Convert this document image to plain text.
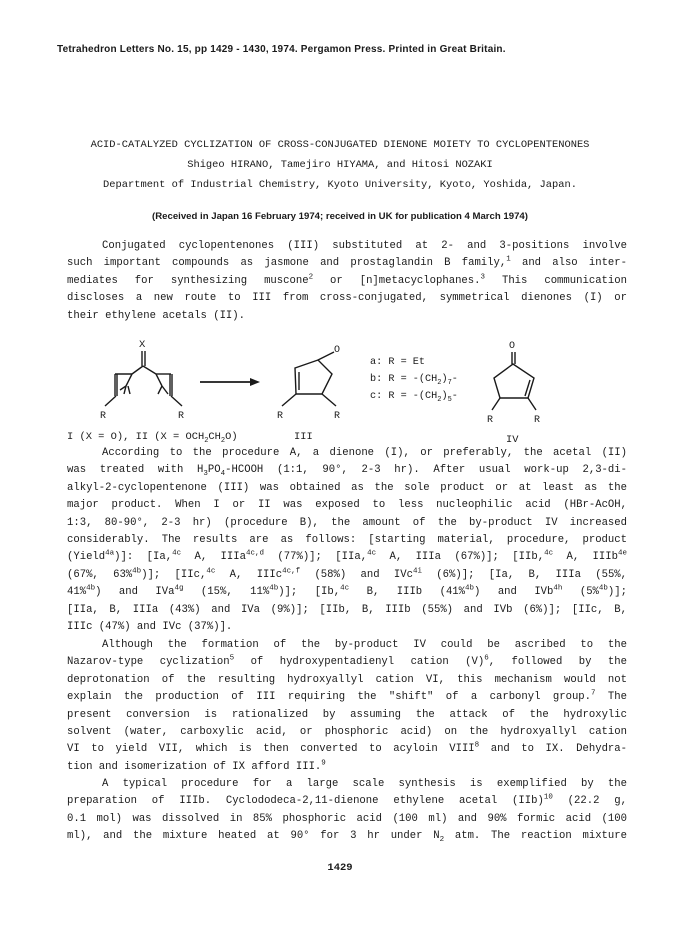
Tetrahedron Letters No. 15, pp 1429 - 1430, 1974. Pergamon Press. Printed in Great Britain.
ACID-CATALYZED CYCLIZATION OF CROSS-CONJUGATED DIENONE MOIETY TO CYCLOPENTENONES
Shigeo HIRANO, Tamejiro HIYAMA, and Hitosi NOZAKI
Department of Industrial Chemistry, Kyoto University, Kyoto, Yoshida, Japan.
(Received in Japan 16 February 1974; received in UK for publication 4 March 1974)
Conjugated cyclopentenones (III) substituted at 2- and 3-positions involve
such important compounds as jasmone and prostaglandin B family,$^1$ and also inter-
mediates for synthesizing muscone$^2$ or [n]metacyclophanes.$^3$ This communication
discloses a new route to III from cross-conjugated, symmetrical dienones (I) or
their ethylene acetals (II).
X
R	R
O
R	R
O
R	R
a: R = Et
b: $R = -(CH_2)_7-$
c: $R = -(CH_2)_5-$
I (X = O), II $(X = OCH_2CH_2O)$	III	IV
According to the procedure A, a dienone (I), or preferably, the acetal (II)
was treated with $H_3PO_4$-HCOOH (1:1, 90°, 2-3 hr). After usual work-up 2,3-di-
alkyl-2-cyclopentenone (III) was obtained as the sole product or at least as the
major product. When I or II was exposed to less nucleophilic acid (HBr-AcOH,
1:3, 80-90°, 2-3 hr) (procedure B), the amount of the by-product IV increased
considerably. The results are as follows: [starting material, procedure, product
(Yield$^{4a}$)]: [Ia,$^{4c}$ A, IIIa$^{4c,d}$ (77%)]; [IIa,$^{4c}$ A, IIIa (67%)]; [IIb,$^{4c}$ A, IIIb$^{4e}$
(67%, 63%$^{4b}$)]; [IIc,$^{4c}$ A, IIIc$^{4c,f}$ (58%) and IVc$^{4i}$ (6%)]; [Ia, B, IIIa (55%,
41%$^{4b}$) and IVa$^{4g}$ (15%, 11%$^{4b}$)]; [Ib,$^{4c}$ B, IIIb (41%$^{4b}$) and IVb$^{4h}$ (5%$^{4b}$)];
[IIa, B, IIIa (43%) and IVa (9%)]; [IIb, B, IIIb (55%) and IVb (6%)]; [IIc, B,
IIIc (47%) and IVc (37%)].
Although the formation of the by-product IV could be ascribed to the
Nazarov-type cyclization$^5$ of hydroxypentadienyl cation $(V)^6$, followed by the
deprotonation of the resulting hydroxyallyl cation VI, this mechanism would not
explain the production of III requiring the "shift" of a carbonyl group.$^7$ The
present conversion is rationalized by assuming the attack of the hydroxylic
solvent (water, carboxylic acid, or phosphoric acid) on the hydroxyallyl cation
VI to yield VII, which is then converted to acyloin VIII$^8$ and to IX. Dehydra-
tion and isomerization of IX afford III.$^9$
A typical procedure for a large scale synthesis is exemplified by the
preparation of IIIb. Cyclododeca-2,11-dienone ethylene acetal (IIb)$^{10}$ (22.2 g,
0.1 mol) was dissolved in 85% phosphoric acid (100 ml) and 90% formic acid (100
ml), and the mixture heated at 90° for 3 hr under $N_2$ atm. The reaction mixture
1429
